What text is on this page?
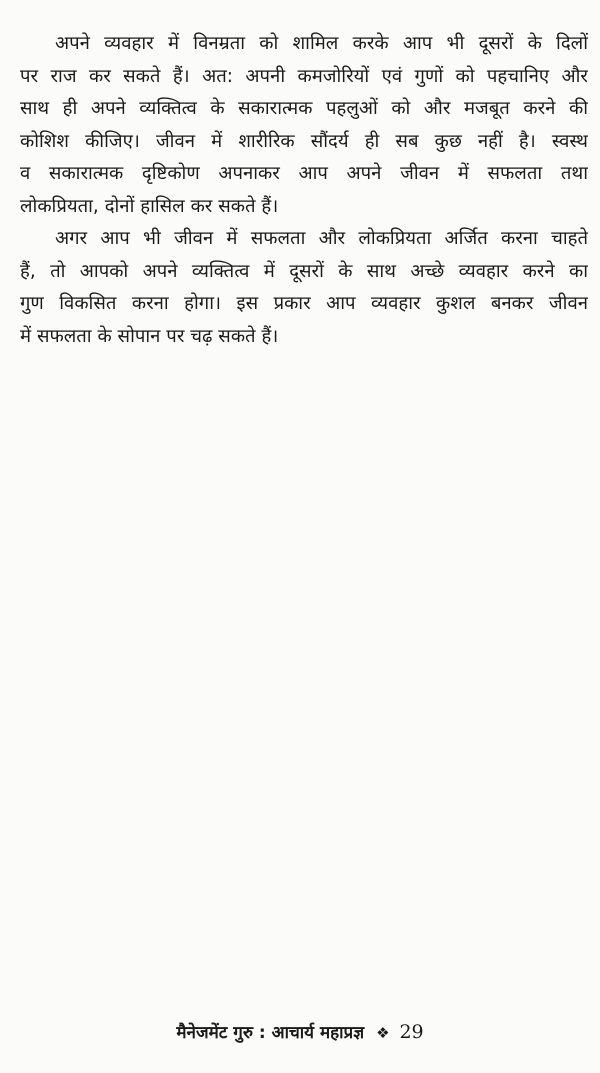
अपने व्यवहार में विनम्रता को शामिल करके आप भी दूसरों के दिलों
पर राज कर सकते हैं। अत: अपनी कमजोरियों एवं गुणों को पहचानिए और
साथ ही अपने व्यक्तित्व के सकारात्मक पहलुओं को और मजबूत करने की
कोशिश कीजिए। जीवन में शारीरिक सौंदर्य ही सब कुछ नहीं है। स्वस्थ
व सकारात्मक दृष्टिकोण अपनाकर आप अपने जीवन में सफलता तथा
लोकप्रियता, दोनों हासिल कर सकते हैं।
अगर आप भी जीवन में सफलता और लोकप्रियता अर्जित करना चाहते
हैं, तो आपको अपने व्यक्तित्व में दूसरों के साथ अच्छे व्यवहार करने का
गुण विकसित करना होगा। इस प्रकार आप व्यवहार कुशल बनकर जीवन
में सफलता के सोपान पर चढ़ सकते हैं।
मैनेजमेंट गुरु : आचार्य महाप्रज्ञ ❖ 29
